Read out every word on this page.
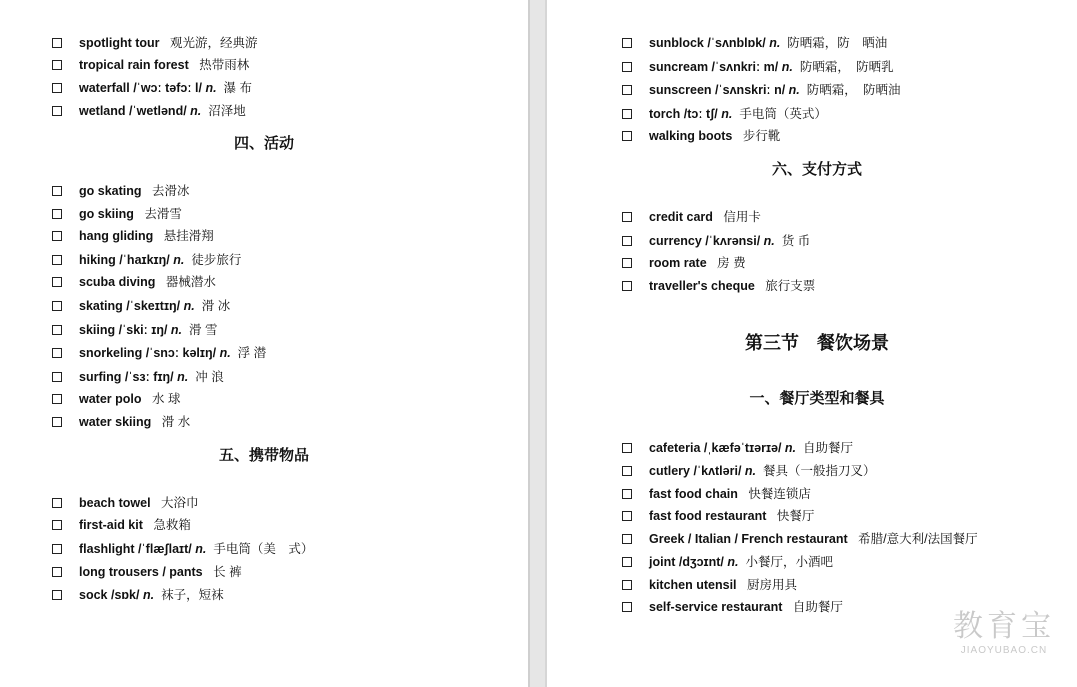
spotlight tour 观光游，经典游
tropical rain forest 热带雨林
waterfall /ˈwɔː təfɔː l/ n. 瀑 布
wetland /ˈwetlənd/ n. 沼泽地
四、活动
go skating 去滑冰
go skiing 去滑雪
hang gliding 悬挂滑翔
hiking /ˈhaɪkɪŋ/ n. 徒步旅行
scuba diving 器械潜水
skating /ˈskeɪtɪŋ/ n. 滑 冰
skiing /ˈskiː ɪŋ/ n. 滑 雪
snorkeling /ˈsnɔː kəlɪŋ/ n. 浮 潜
surfing /ˈsɜː fɪŋ/ n. 冲 浪
water polo 水 球
water skiing 滑 水
五、携带物品
beach towel 大浴巾
first-aid kit 急救箱
flashlight /ˈflæʃlaɪt/ n. 手电筒（美　式）
long trousers / pants 长 裤
sock /sɒk/ n. 袜子，短袜
sunblock /ˈsʌnblɒk/ n. 防晒霜，防　晒油
suncream /ˈsʌnkriː m/ n. 防晒霜，　防晒乳
sunscreen /ˈsʌnskriː n/ n. 防晒霜，　防晒油
torch /tɔː tʃ/ n. 手电筒（英式）
walking boots 步行靴
六、支付方式
credit card 信用卡
currency /ˈkʌrənsi/ n. 货 币
room rate 房 费
traveller's cheque 旅行支票
第三节　餐饮场景
一、餐厅类型和餐具
cafeteria /ˌkæfəˈtɪərɪə/ n. 自助餐厅
cutlery /ˈkʌtləri/ n. 餐具（一般指刀叉）
fast food chain 快餐连锁店
fast food restaurant 快餐厅
Greek / Italian / French restaurant 希腊/意大利/法国餐厅
joint /dʒɔɪnt/ n. 小餐厅，小酒吧
kitchen utensil 厨房用具
self-service restaurant 自助餐厅
教育宝
JIAOYUBAO.CN
